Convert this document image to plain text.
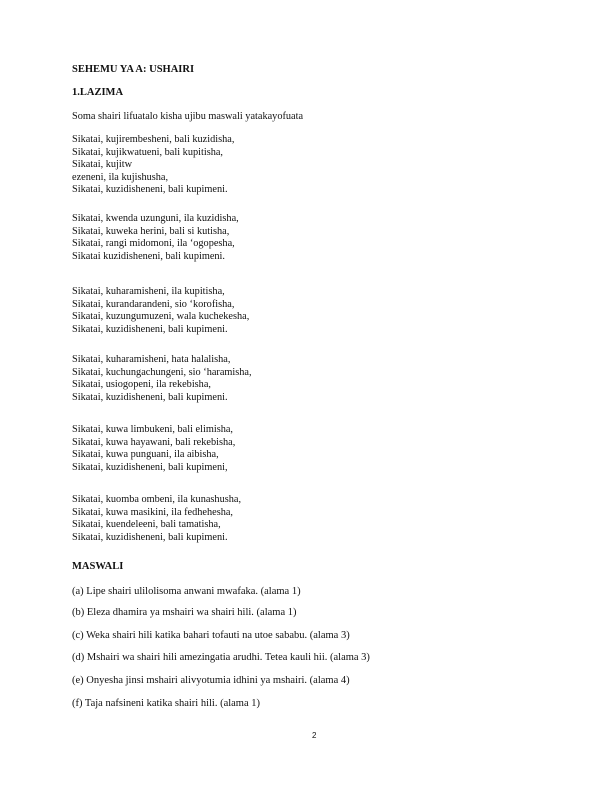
SEHEMU YA A: USHAIRI
1.LAZIMA
Soma shairi lifuatalo kisha ujibu maswali yatakayofuata
Sikatai, kujirembesheni, bali kuzidisha,
Sikatai, kujikwatueni, bali kupitisha,
Sikatai, kujitw
ezeneni, ila kujishusha,
Sikatai, kuzidisheneni, bali kupimeni.
Sikatai, kwenda uzunguni, ila kuzidisha,
Sikatai, kuweka herini, bali si kutisha,
Sikatai, rangi midomoni, ila ‘ogopesha,
Sikatai kuzidisheneni, bali kupimeni.
Sikatai, kuharamisheni, ila kupitisha,
Sikatai, kurandarandeni, sio ‘korofisha,
Sikatai, kuzungumuzeni, wala kuchekesha,
Sikatai, kuzidisheneni, bali kupimeni.
Sikatai, kuharamisheni, hata halalisha,
Sikatai, kuchungachungeni, sio ‘haramisha,
Sikatai, usiogopeni, ila rekebisha,
Sikatai, kuzidisheneni, bali kupimeni.
Sikatai, kuwa limbukeni, bali elimisha,
Sikatai, kuwa hayawani, bali rekebisha,
Sikatai, kuwa punguani, ila aibisha,
Sikatai, kuzidisheneni, bali kupimeni,
Sikatai, kuomba ombeni, ila kunashusha,
Sikatai, kuwa masikini, ila fedhehesha,
Sikatai, kuendeleeni, bali tamatisha,
Sikatai, kuzidisheneni, bali kupimeni.
MASWALI
(a) Lipe shairi ulilolisoma anwani mwafaka. (alama 1)
(b) Eleza dhamira ya mshairi wa shairi hili. (alama 1)
(c) Weka shairi hili katika bahari tofauti na utoe sababu. (alama 3)
(d) Mshairi wa shairi hili amezingatia arudhi. Tetea kauli hii. (alama 3)
(e) Onyesha jinsi mshairi alivyotumia idhini ya mshairi. (alama 4)
(f) Taja nafsineni katika shairi hili. (alama 1)
2
